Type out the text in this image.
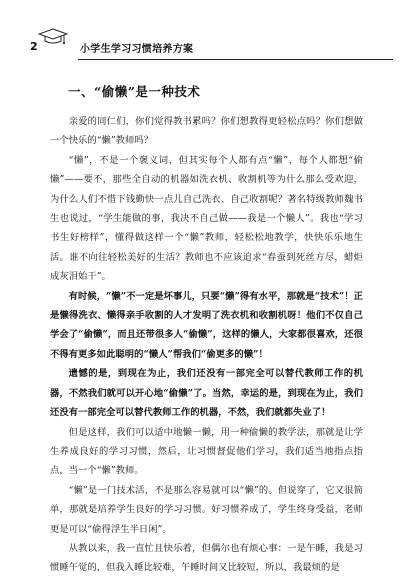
2	小学生学习习惯培养方案
一、“偷懒”是一种技术

亲爱的同仁们，你们觉得教书累吗？你们想教得更轻松点吗？你们想做一个快乐的“懒”教师吗？

“懒”，不是一个褒义词，但其实每个人都有点“懒”，每个人都想“偷懒”——要不，那些全自动的机器如洗衣机、收割机等为什么那么受欢迎，为什么人们不惜下钱勤快一点儿自己洗衣、自己收割呢？著名特级教师魏书生也说过，“学生能做的事，我决不自己做——我是一个懒人”。我也“学习书生好榜样”，懂得做这样一个“懒”教师，轻松松地教学，快快乐乐地生活。谁不向往轻松美好的生活？教师也不应该追求“春蚕到死丝方尽，蜡炬成灰泪始干”。

有时候，“懒”不一定是坏事儿，只要“懒”得有水平，那就是“技术”！正是懒得洗衣、懒得亲手收割的人才发明了洗衣机和收割机呀！他们不仅自己学会了“偷懒”，而且还带很多人“偷懒”，这样的懒人，大家都很喜欢，还很不得有更多如此聪明的“懒人”帮我们“偷更多的懒”！

遗憾的是，到现在为止，我们还没有一部完全可以替代教师工作的机器，不然我们就可以开心地“偷懒”了。当然，幸运的是，到现在为止，我们还没有一部完全可以替代教师工作的机器，不然，我们就都失业了！

但是这样，我们可以适中地懒一懒，用一种偷懒的教学法，那就是让学生养成良好的学习习惯，然后，让习惯督促他们学习，我们适当地指点指点，当一个“懒”教师。

“懒”是一门技术活，不是那么容易就可以“懒”的。但说穿了，它又很简单，那就是培养学生良好的学习习惯。好习惯养成了，学生终身受益，老师更是可以“偷得浮生半日闲”。

从教以来，我一直忙且快乐着，但偶尔也有烦心事：一是午睡，我是习惯睡午觉的，但我入睡比较难，午睡时间又比较短，所以，我最烦的是
